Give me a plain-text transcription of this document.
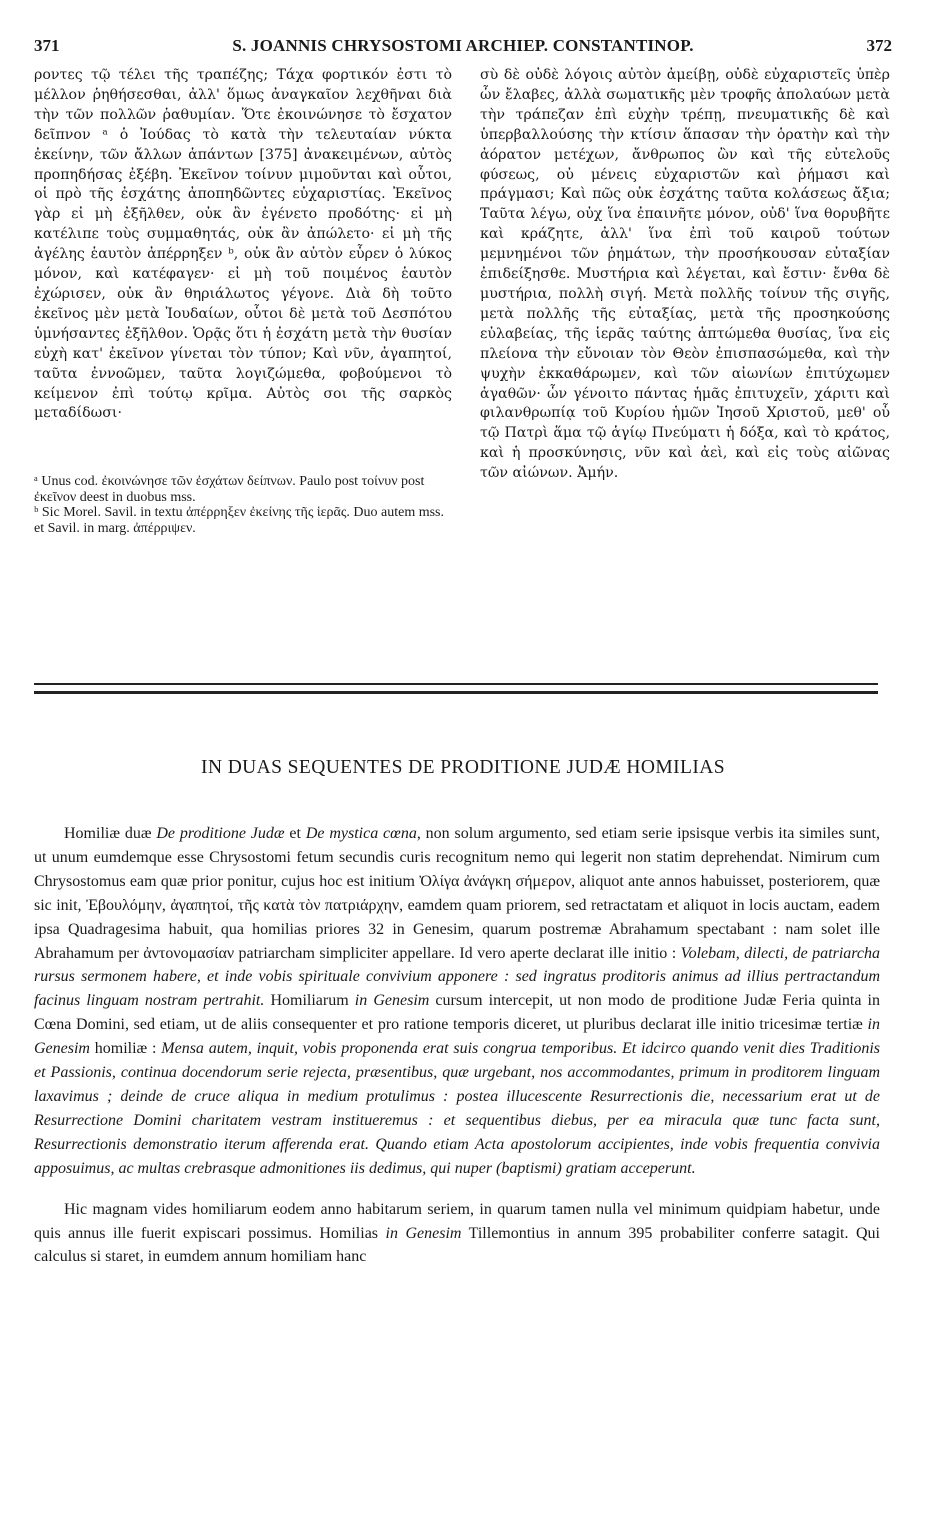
371	S. JOANNIS CHRYSOSTOMI ARCHIEP. CONSTANTINOP.	372

ροντες τῷ τέλει τῆς τραπέζης; Τάχα φορτικόν ἐστι τὸ μέλλον ῥηθήσεσθαι, ἀλλ' ὅμως ἀναγκαῖον λεχθῆναι διὰ τὴν τῶν πολλῶν ῥαθυμίαν. Ὅτε ἐκοινώνησε τὸ ἔσχατον δεῖπνον ᵃ ὁ Ἰούδας τὸ κατὰ τὴν τελευταίαν νύκτα ἐκείνην, τῶν ἄλλων ἁπάντων [375] ἀνακειμένων, αὐτὸς προπηδήσας ἐξέβη. Ἐκεῖνον τοίνυν μιμοῦνται καὶ οὗτοι, οἱ πρὸ τῆς ἐσχάτης ἀποπηδῶντες εὐχαριστίας. Ἐκεῖνος γὰρ εἰ μὴ ἐξῆλθεν, οὐκ ἂν ἐγένετο προδότης· εἰ μὴ κατέλιπε τοὺς συμμαθητάς, οὐκ ἂν ἀπώλετο· εἰ μὴ τῆς ἀγέλης ἑαυτὸν ἀπέρρηξεν ᵇ, οὐκ ἂν αὐτὸν εὗρεν ὁ λύκος μόνον, καὶ κατέφαγεν· εἰ μὴ τοῦ ποιμένος ἑαυτὸν ἐχώρισεν, οὐκ ἂν θηριάλωτος γέγονε. Διὰ δὴ τοῦτο ἐκεῖνος μὲν μετὰ Ἰουδαίων, οὗτοι δὲ μετὰ τοῦ Δεσπότου ὑμνήσαντες ἐξῆλθον. Ὁρᾷς ὅτι ἡ ἐσχάτη μετὰ τὴν θυσίαν εὐχὴ κατ' ἐκεῖνον γίνεται τὸν τύπον; Καὶ νῦν, ἀγαπητοί, ταῦτα ἐννοῶμεν, ταῦτα λογιζώμεθα, φοβούμενοι τὸ κείμενον ἐπὶ τούτῳ κρῖμα. Αὐτὸς σοι τῆς σαρκὸς μεταδίδωσι·

ᵃ Unus cod. ἐκοινώνησε τῶν ἐσχάτων δείπνων. Paulo post τοίνυν post ἐκεῖνον deest in duobus mss.

ᵇ Sic Morel. Savil. in textu ἀπέρρηξεν ἐκείνης τῆς ἱερᾶς. Duo autem mss. et Savil. in marg. ἀπέρριψεν.

σὺ δὲ οὐδὲ λόγοις αὐτὸν ἀμείβῃ, οὐδὲ εὐχαριστεῖς ὑπὲρ ὧν ἔλαβες, ἀλλὰ σωματικῆς μὲν τροφῆς ἀπολαύων μετὰ τὴν τράπεζαν ἐπὶ εὐχὴν τρέπῃ, πνευματικῆς δὲ καὶ ὑπερβαλλούσης τὴν κτίσιν ἅπασαν τὴν ὁρατὴν καὶ τὴν ἀόρατον μετέχων, ἄνθρωπος ὢν καὶ τῆς εὐτελοῦς φύσεως, οὐ μένεις εὐχαριστῶν καὶ ῥήμασι καὶ πράγμασι; Καὶ πῶς οὐκ ἐσχάτης ταῦτα κολάσεως ἄξια; Ταῦτα λέγω, οὐχ ἵνα ἐπαινῆτε μόνον, οὐδ' ἵνα θορυβῆτε καὶ κράζητε, ἀλλ' ἵνα ἐπὶ τοῦ καιροῦ τούτων μεμνημένοι τῶν ῥημάτων, τὴν προσήκουσαν εὐταξίαν ἐπιδείξησθε. Μυστήρια καὶ λέγεται, καὶ ἔστιν· ἔνθα δὲ μυστήρια, πολλὴ σιγή. Μετὰ πολλῆς τοίνυν τῆς σιγῆς, μετὰ πολλῆς τῆς εὐταξίας, μετὰ τῆς προσηκούσης εὐλαβείας, τῆς ἱερᾶς ταύτης ἁπτώμεθα θυσίας, ἵνα εἰς πλείονα τὴν εὔνοιαν τὸν Θεὸν ἐπισπασώμεθα, καὶ τὴν ψυχὴν ἐκκαθάρωμεν, καὶ τῶν αἰωνίων ἐπιτύχωμεν ἀγαθῶν· ὧν γένοιτο πάντας ἡμᾶς ἐπιτυχεῖν, χάριτι καὶ φιλανθρωπίᾳ τοῦ Κυρίου ἡμῶν Ἰησοῦ Χριστοῦ, μεθ' οὗ τῷ Πατρὶ ἅμα τῷ ἁγίῳ Πνεύματι ἡ δόξα, καὶ τὸ κράτος, καὶ ἡ προσκύνησις, νῦν καὶ ἀεὶ, καὶ εἰς τοὺς αἰῶνας τῶν αἰώνων. Ἀμήν.

IN DUAS SEQUENTES DE PRODITIONE JUDÆ HOMILIAS

Homiliæ duæ De proditione Judæ et De mystica cœna, non solum argumento, sed etiam serie ipsisque verbis ita similes sunt, ut unum eumdemque esse Chrysostomi fetum secundis curis recognitum nemo qui legerit non statim deprehendat. Nimirum cum Chrysostomus eam quæ prior ponitur, cujus hoc est initium Ὀλίγα ἀνάγκη σήμερον, aliquot ante annos habuisset, posteriorem, quæ sic init, Ἐβουλόμην, ἀγαπητοί, τῆς κατὰ τὸν πατριάρχην, eamdem quam priorem, sed retractatam et aliquot in locis auctam, eadem ipsa Quadragesima habuit, qua homilias priores 32 in Genesim, quarum postremæ Abrahamum spectabant : nam solet ille Abrahamum per ἀντονομασίαν patriarcham simpliciter appellare. Id vero aperte declarat ille initio : Volebam, dilecti, de patriarcha rursus sermonem habere, et inde vobis spirituale convivium apponere : sed ingratus proditoris animus ad illius pertractandum facinus linguam nostram pertrahit. Homiliarum in Genesim cursum intercepit, ut non modo de proditione Judæ Feria quinta in Cœna Domini, sed etiam, ut de aliis consequenter et pro ratione temporis diceret, ut pluribus declarat ille initio tricesimæ tertiæ in Genesim homiliæ : Mensa autem, inquit, vobis proponenda erat suis congrua temporibus. Et idcirco quando venit dies Traditionis et Passionis, continua docendorum serie rejecta, præsentibus, quæ urgebant, nos accommodantes, primum in proditorem linguam laxavimus ; deinde de cruce aliqua in medium protulimus : postea illucescente Resurrectionis die, necessarium erat ut de Resurrectione Domini charitatem vestram institueremus : et sequentibus diebus, per ea miracula quæ tunc facta sunt, Resurrectionis demonstratio iterum afferenda erat. Quando etiam Acta apostolorum accipientes, inde vobis frequentia convivia apposuimus, ac multas crebrasque admonitiones iis dedimus, qui nuper (baptismi) gratiam acceperunt.

Hic magnam vides homiliarum eodem anno habitarum seriem, in quarum tamen nulla vel minimum quidpiam habetur, unde quis annus ille fuerit expiscari possimus. Homilias in Genesim Tillemontius in annum 395 probabiliter conferre satagit. Qui calculus si staret, in eumdem annum homiliam hanc
